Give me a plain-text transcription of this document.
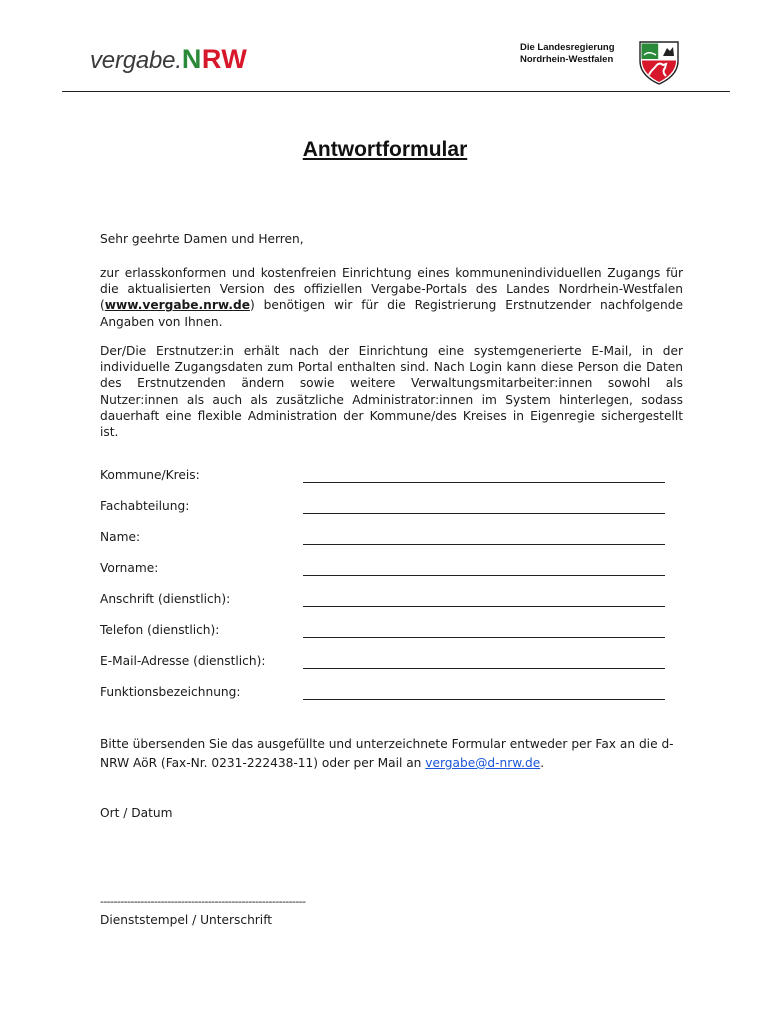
vergabe.NRW	Die Landesregierung
Nordrhein-Westfalen
Antwortformular

Sehr geehrte Damen und Herren,

zur erlasskonformen und kostenfreien Einrichtung eines kommunenindividuellen Zugangs für die aktualisierten Version des offiziellen Vergabe-Portals des Landes Nordrhein-Westfalen (www.vergabe.nrw.de) benötigen wir für die Registrierung Erstnutzender nachfolgende Angaben von Ihnen.

Der/Die Erstnutzer:in erhält nach der Einrichtung eine systemgenerierte E-Mail, in der individuelle Zugangsdaten zum Portal enthalten sind. Nach Login kann diese Person die Daten des Erstnutzenden ändern sowie weitere Verwaltungsmitarbeiter:innen sowohl als Nutzer:innen als auch als zusätzliche Administrator:innen im System hinterlegen, sodass dauerhaft eine flexible Administration der Kommune/des Kreises in Eigenregie sichergestellt ist.

Kommune/Kreis:
Fachabteilung:
Name:
Vorname:
Anschrift (dienstlich):
Telefon (dienstlich):
E-Mail-Adresse (dienstlich):
Funktionsbezeichnung:
Bitte übersenden Sie das ausgefüllte und unterzeichnete Formular entweder per Fax an die d-NRW AöR (Fax-Nr. 0231-222438-11) oder per Mail an vergabe@d-nrw.de.
Ort / Datum
-------------------------------------------------------------
Dienststempel / Unterschrift
